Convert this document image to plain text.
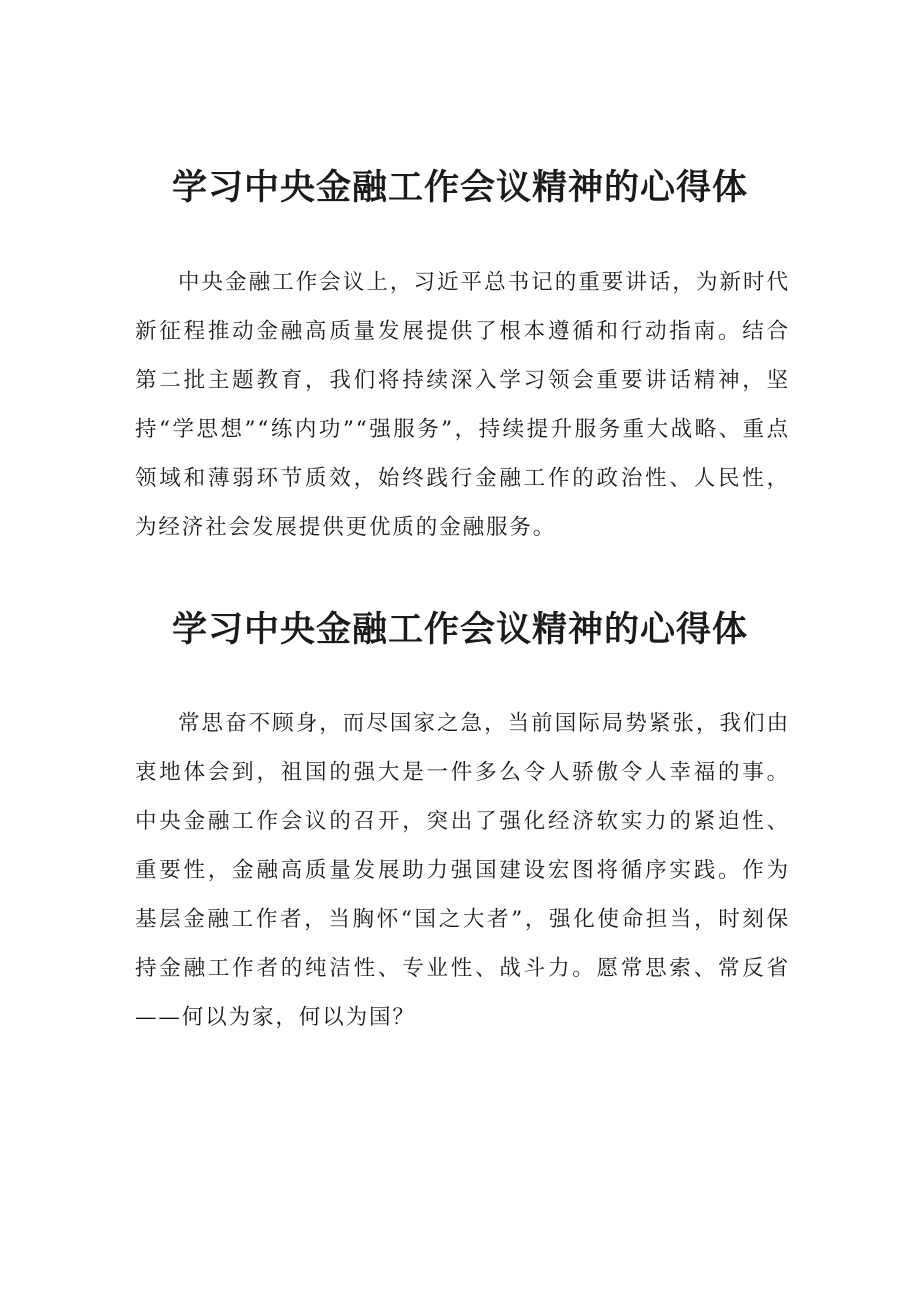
学习中央金融工作会议精神的心得体

中央金融工作会议上，习近平总书记的重要讲话，为新时代新征程推动金融高质量发展提供了根本遵循和行动指南。结合第二批主题教育，我们将持续深入学习领会重要讲话精神，坚持“学思想”“练内功”“强服务”，持续提升服务重大战略、重点领域和薄弱环节质效，始终践行金融工作的政治性、人民性，为经济社会发展提供更优质的金融服务。

学习中央金融工作会议精神的心得体

常思奋不顾身，而尽国家之急，当前国际局势紧张，我们由衷地体会到，祖国的强大是一件多么令人骄傲令人幸福的事。中央金融工作会议的召开，突出了强化经济软实力的紧迫性、重要性，金融高质量发展助力强国建设宏图将循序实践。作为基层金融工作者，当胸怀“国之大者”，强化使命担当，时刻保持金融工作者的纯洁性、专业性、战斗力。愿常思索、常反省——何以为家，何以为国？
